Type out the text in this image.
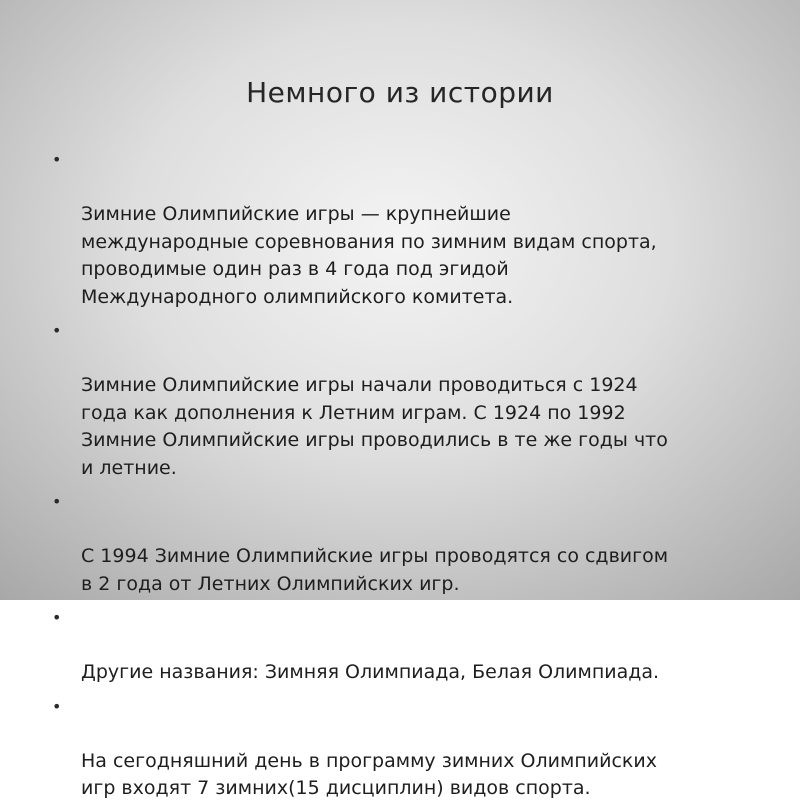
Немного из истории

•

Зимние Олимпийские игры — крупнейшие
международные соревнования по зимним видам спорта,
проводимые один раз в 4 года под эгидой
Международного олимпийского комитета.

•

Зимние Олимпийские игры начали проводиться с 1924
года как дополнения к Летним играм. С 1924 по 1992
Зимние Олимпийские игры проводились в те же годы что
и летние.

•

С 1994 Зимние Олимпийские игры проводятся со сдвигом
в 2 года от Летних Олимпийских игр.

•

Другие названия: Зимняя Олимпиада, Белая Олимпиада.

•

На сегодняшний день в программу зимних Олимпийских
игр входят 7 зимних(15 дисциплин) видов спорта.
